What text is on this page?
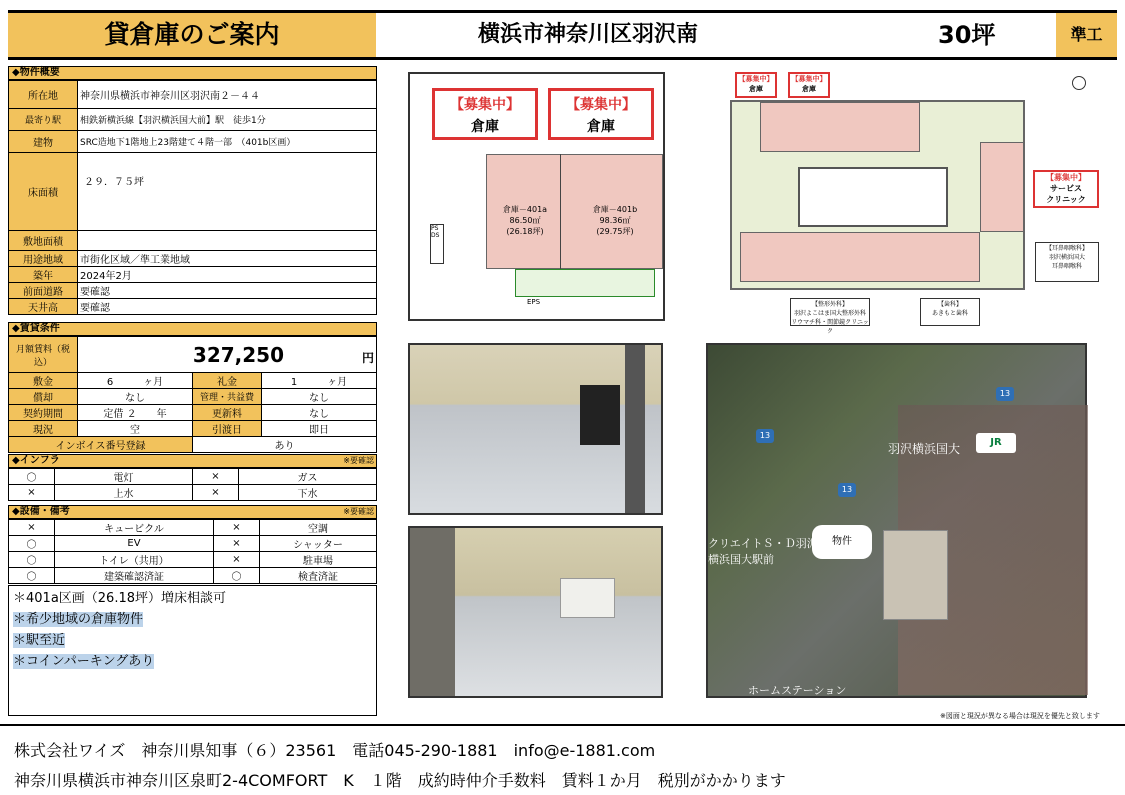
貸倉庫のご案内	横浜市神奈川区羽沢南	30坪	準工
◆物件概要
所在地	神奈川県横浜市神奈川区羽沢南２－４４
最寄り駅	相鉄新横浜線【羽沢横浜国大前】駅　徒歩1分
建物	SRC造地下1階地上23階建て４階一部　（401b区画）
床面積	２９．７５坪
敷地面積	
用途地域	市街化区域／準工業地域
築年	2024年2月
前面道路	要確認
天井高	要確認
◆賃貸条件
月額賃料（税込）	327,250 円		
敷金	6　　　 ヶ月	礼金	1　　　 ヶ月
償却	なし	管理・共益費	なし
契約期間	定借 ２　　年	更新料	なし
現況	空	引渡日	即日
インボイス番号登録		あり	
◆インフラ	※要確認
〇	電灯	×	ガス
×	上水	×	下水
◆設備・備考	※要確認
×	キュービクル	×	空調
〇	EV	×	シャッター
〇	トイレ（共用）	×	駐車場
〇	建築確認済証	〇	検査済証
＊401a区画（26.18坪）増床相談可
＊希少地域の倉庫物件
＊駅至近
＊コインパーキングあり
倉庫－401a
86.50㎡
(26.18坪)
倉庫－401b
98.36㎡
(29.75坪)
【募集中】
倉庫
【募集中】
倉庫
PS
DS
EPS
【募集中】
倉庫
【募集中】
倉庫
【募集中】
サービス
クリニック
【耳鼻咽喉科】
羽沢横浜国大
耳鼻咽喉科
【整形外科】
羽沢よこはま国大整形外科
リウマチ科・関節鏡クリニック
【歯科】
あきもと歯科
羽沢横浜国大	JR
物件
クリエイトＳ・Ｄ羽沢
横浜国大駅前
13
13
13
ホームステーション
※図面と現況が異なる場合は現況を優先と致します
株式会社ワイズ　神奈川県知事（６）23561　電話045-290-1881　info@e-1881.com
神奈川県横浜市神奈川区泉町2-4COMFORT　K　１階　成約時仲介手数料　賃料１か月　税別がかかります
